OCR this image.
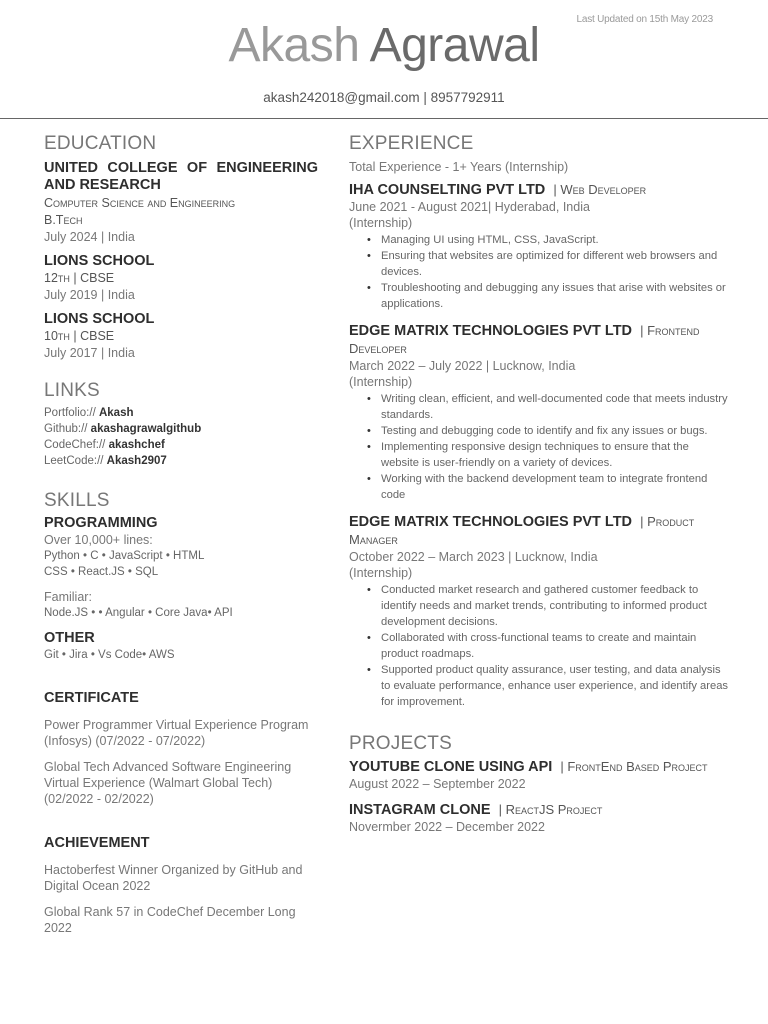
Last Updated on 15th May 2023
Akash Agrawal
akash242018@gmail.com | 8957792911
EDUCATION
UNITED COLLEGE OF ENGINEERING AND RESEARCH
Computer Science and Engineering
B.Tech
July 2024 | India
LIONS SCHOOL
12th | CBSE
July 2019 | India
LIONS SCHOOL
10th | CBSE
July 2017 | India
LINKS
Portfolio:// Akash
Github:// akashagrawalgithub
CodeChef:// akashchef
LeetCode:// Akash2907
SKILLS
PROGRAMMING
Over 10,000+ lines:
Python • C • JavaScript • HTML
CSS • React.JS • SQL
Familiar:
Node.JS • • Angular • Core Java• API
OTHER
Git • Jira • Vs Code• AWS
CERTIFICATE
Power Programmer Virtual Experience Program (Infosys) (07/2022 - 07/2022)
Global Tech Advanced Software Engineering Virtual Experience (Walmart Global Tech) (02/2022 - 02/2022)
ACHIEVEMENT
Hactoberfest Winner Organized by GitHub and Digital Ocean 2022
Global Rank 57 in CodeChef December Long 2022
EXPERIENCE
Total Experience - 1+ Years (Internship)
IHA COUNSELTING PVT LTD | Web Developer
June 2021 - August 2021| Hyderabad, India
(Internship)
• Managing UI using HTML, CSS, JavaScript.
• Ensuring that websites are optimized for different web browsers and devices.
• Troubleshooting and debugging any issues that arise with websites or applications.
EDGE MATRIX TECHNOLOGIES PVT LTD | Frontend Developer
March 2022 – July 2022 | Lucknow, India
(Internship)
• Writing clean, efficient, and well-documented code that meets industry standards.
• Testing and debugging code to identify and fix any issues or bugs.
• Implementing responsive design techniques to ensure that the website is user-friendly on a variety of devices.
• Working with the backend development team to integrate frontend code
EDGE MATRIX TECHNOLOGIES PVT LTD | Product Manager
October 2022 – March 2023 | Lucknow, India
(Internship)
• Conducted market research and gathered customer feedback to identify needs and market trends, contributing to informed product development decisions.
• Collaborated with cross-functional teams to create and maintain product roadmaps.
• Supported product quality assurance, user testing, and data analysis to evaluate performance, enhance user experience, and identify areas for improvement.
PROJECTS
YOUTUBE CLONE USING API | FrontEnd Based Project
August 2022 – September 2022
INSTAGRAM CLONE | ReactJS Project
Novermber 2022 – December 2022
